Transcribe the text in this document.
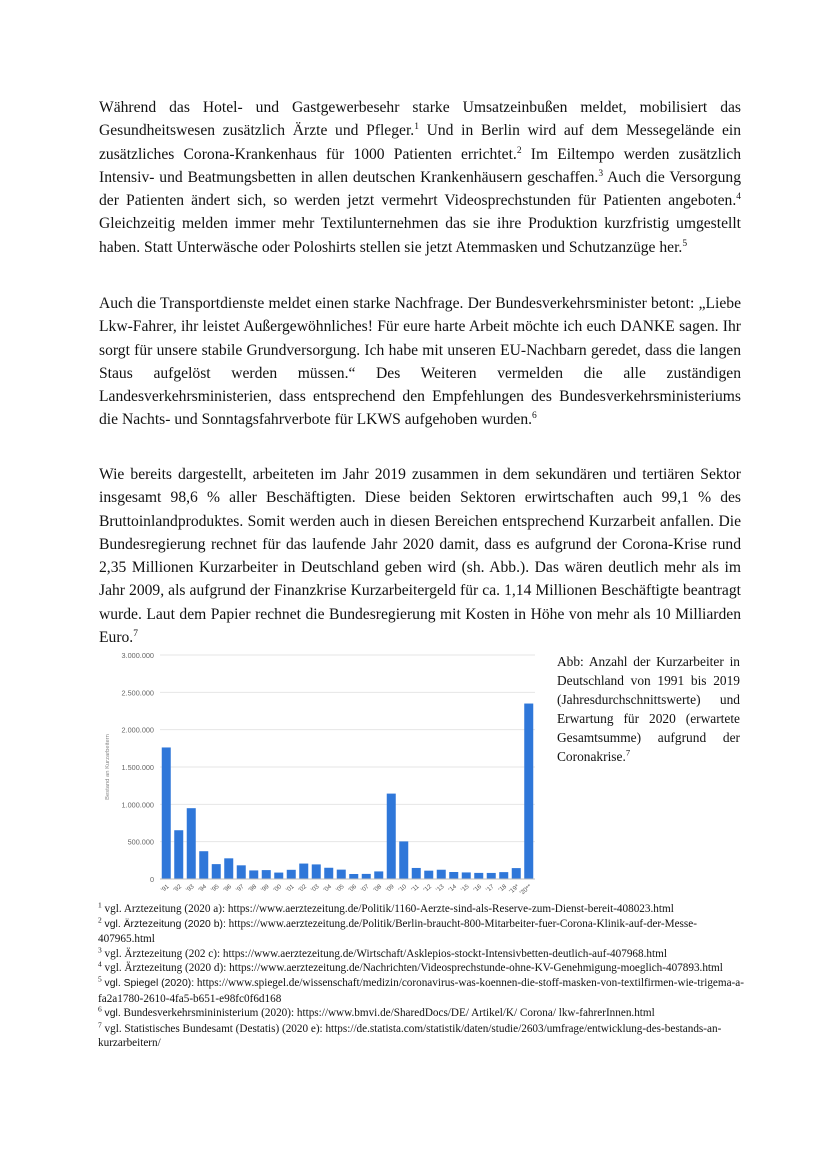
Während das Hotel- und Gastgewerbesehr starke Umsatzeinbußen meldet, mobilisiert das Gesundheitswesen zusätzlich Ärzte und Pfleger.$^1$ Und in Berlin wird auf dem Messegelände ein zusätzliches Corona-Krankenhaus für 1000 Patienten errichtet.$^2$ Im Eiltempo werden zusätzlich Intensiv- und Beatmungsbetten in allen deutschen Krankenhäusern geschaffen.$^3$ Auch die Versorgung der Patienten ändert sich, so werden jetzt vermehrt Videosprechstunden für Patienten angeboten.$^4$ Gleichzeitig melden immer mehr Textilunternehmen das sie ihre Produktion kurzfristig umgestellt haben. Statt Unterwäsche oder Poloshirts stellen sie jetzt Atemmasken und Schutzanzüge her.$^5$
Auch die Transportdienste meldet einen starke Nachfrage. Der Bundesverkehrsminister betont: „Liebe Lkw-Fahrer, ihr leistet Außergewöhnliches! Für eure harte Arbeit möchte ich euch DANKE sagen. Ihr sorgt für unsere stabile Grundversorgung. Ich habe mit unseren EU-Nachbarn geredet, dass die langen Staus aufgelöst werden müssen.“ Des Weiteren vermelden die alle zuständigen Landesverkehrsministerien, dass entsprechend den Empfehlungen des Bundesverkehrsministeriums die Nachts- und Sonntagsfahrverbote für LKWS aufgehoben wurden.$^6$
Wie bereits dargestellt, arbeiteten im Jahr 2019 zusammen in dem sekundären und tertiären Sektor insgesamt 98,6 % aller Beschäftigten. Diese beiden Sektoren erwirtschaften auch 99,1 % des Bruttoinlandproduktes. Somit werden auch in diesen Bereichen entsprechend Kurzarbeit anfallen. Die Bundesregierung rechnet für das laufende Jahr 2020 damit, dass es aufgrund der Corona-Krise rund 2,35 Millionen Kurzarbeiter in Deutschland geben wird (sh. Abb.). Das wären deutlich mehr als im Jahr 2009, als aufgrund der Finanzkrise Kurzarbeitergeld für ca. 1,14 Millionen Beschäftigte beantragt wurde. Laut dem Papier rechnet die Bundesregierung mit Kosten in Höhe von mehr als 10 Milliarden Euro.$^7$
0
500.000
1.000.000
1.500.000
2.000.000
2.500.000
3.000.000
Bestand an Kurzarbeitern
'91 '92 '93 '94 '95 '96 '97 '98 '99 '00 '01 '02 '03 '04 '05 '06 '07 '08 '09 '10 '11 '12 '13 '14 '15 '16 '17 '18 '19*
'20**
Abb: Anzahl der Kurzarbeiter in Deutschland von 1991 bis 2019 (Jahresdurchschnittswerte) und Erwartung für 2020 (erwartete Gesamtsumme) aufgrund der Coronakrise.$^7$

$^1$ vgl. Arztezeitung (2020 a): https://www.aerztezeitung.de/Politik/1160-Aerzte-sind-als-Reserve-zum-Dienst-bereit-408023.html

$^2$ vgl. Ärztezeitung (2020 b): https://www.aerztezeitung.de/Politik/Berlin-braucht-800-Mitarbeiter-fuer-Corona-Klinik-auf-der-Messe-407965.html

$^3$ vgl. Ärztezeitung (202 c): https://www.aerztezeitung.de/Wirtschaft/Asklepios-stockt-Intensivbetten-deutlich-auf-407968.html

$^4$ vgl. Ärztezeitung (2020 d): https://www.aerztezeitung.de/Nachrichten/Videosprechstunde-ohne-KV-Genehmigung-moeglich-407893.html

$^5$ vgl. Spiegel (2020): https://www.spiegel.de/wissenschaft/medizin/coronavirus-was-koennen-die-stoff-masken-von-textilfirmen-wie-trigema-a-fa2a1780-2610-4fa5-b651-e98fc0f6d168

$^6$ vgl. Bundesverkehrsmininisterium (2020): https://www.bmvi.de/SharedDocs/DE/ Artikel/K/ Corona/ lkw-fahrerInnen.html

$^7$ vgl. Statistisches Bundesamt (Destatis) (2020 e): https://de.statista.com/statistik/daten/studie/2603/umfrage/entwicklung-des-bestands-an-kurzarbeitern/
